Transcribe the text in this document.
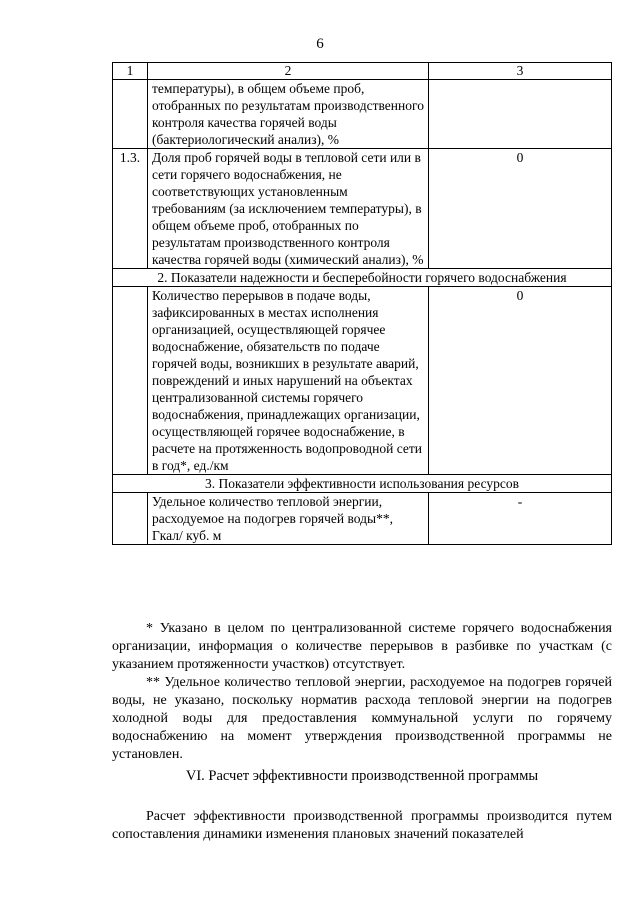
6
1	2	3
	температуры), в общем объеме проб, отобранных по результатам производственного контроля качества горячей воды (бактериологический анализ), %	
1.3.	Доля проб горячей воды в тепловой сети или в сети горячего водоснабжения, не соответствующих установленным требованиям (за исключением температуры), в общем объеме проб, отобранных по результатам производственного контроля качества горячей воды (химический анализ), %	0
2. Показатели надежности и бесперебойности горячего водоснабжения		
	Количество перерывов в подаче воды, зафиксированных в местах исполнения организацией, осуществляющей горячее водоснабжение, обязательств по подаче горячей воды, возникших в результате аварий, повреждений и иных нарушений на объектах централизованной системы горячего водоснабжения, принадлежащих организации, осуществляющей горячее водоснабжение, в расчете на протяженность водопроводной сети в год*, ед./км	0
3. Показатели эффективности использования ресурсов		
	Удельное количество тепловой энергии, расходуемое на подогрев горячей воды**, Гкал/ куб. м	-

* Указано в целом по централизованной системе горячего водоснабжения организации, информация о количестве перерывов в разбивке по участкам (с указанием протяженности участков) отсутствует.

** Удельное количество тепловой энергии, расходуемое на подогрев горячей воды, не указано, поскольку норматив расхода тепловой энергии на подогрев холодной воды для предоставления коммунальной услуги по горячему водоснабжению на момент утверждения производственной программы не установлен.

VI. Расчет эффективности производственной программы

Расчет эффективности производственной программы производится путем сопоставления динамики изменения плановых значений показателей
